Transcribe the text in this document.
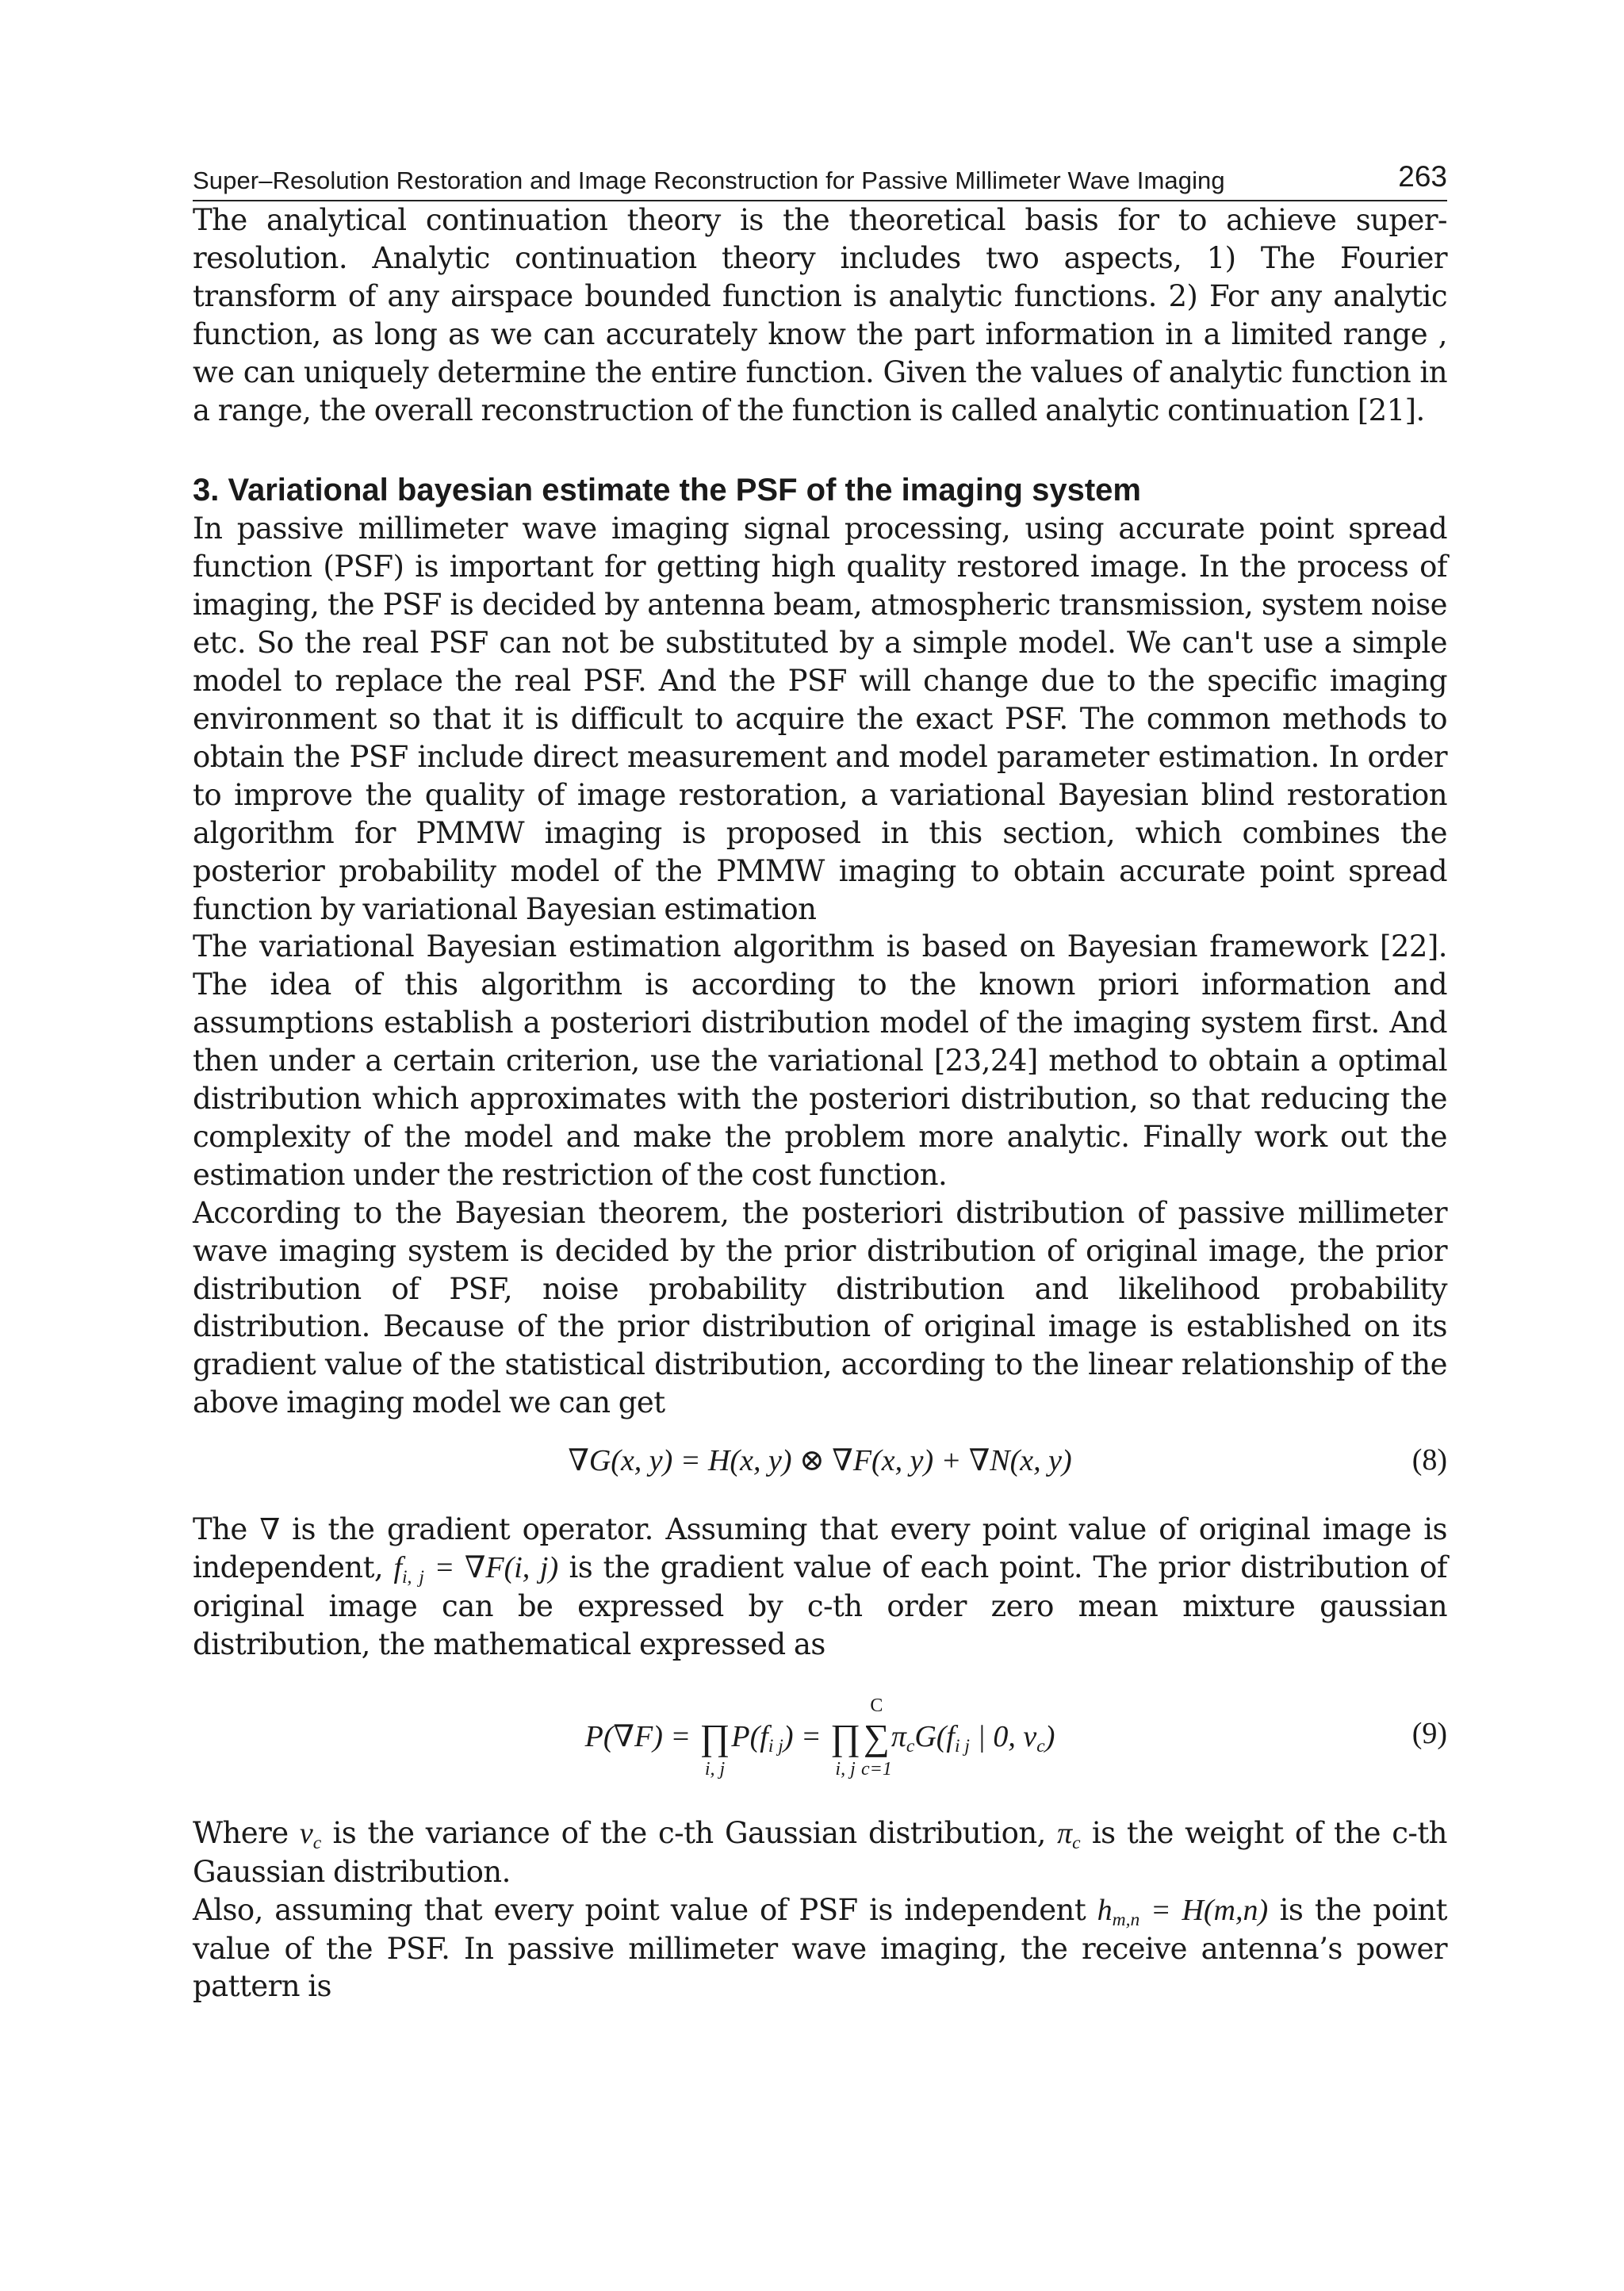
Super–Resolution Restoration and Image Reconstruction for Passive Millimeter Wave Imaging	263

The analytical continuation theory is the theoretical basis for to achieve super-resolution. Analytic continuation theory includes two aspects, 1) The Fourier transform of any airspace bounded function is analytic functions. 2) For any analytic function, as long as we can accurately know the part information in a limited range , we can uniquely determine the entire function. Given the values of analytic function in a range, the overall reconstruction of the function is called analytic continuation [21].

3. Variational bayesian estimate the PSF of the imaging system

In passive millimeter wave imaging signal processing, using accurate point spread function (PSF) is important for getting high quality restored image. In the process of imaging, the PSF is decided by antenna beam, atmospheric transmission, system noise etc. So the real PSF can not be substituted by a simple model. We can't use a simple model to replace the real PSF. And the PSF will change due to the specific imaging environment so that it is difficult to acquire the exact PSF. The common methods to obtain the PSF include direct measurement and model parameter estimation. In order to improve the quality of image restoration, a variational Bayesian blind restoration algorithm for PMMW imaging is proposed in this section, which combines the posterior probability model of the PMMW imaging to obtain accurate point spread function by variational Bayesian estimation

The variational Bayesian estimation algorithm is based on Bayesian framework [22]. The idea of this algorithm is according to the known priori information and assumptions establish a posteriori distribution model of the imaging system first. And then under a certain criterion, use the variational [23,24] method to obtain a optimal distribution which approximates with the posteriori distribution, so that reducing the complexity of the model and make the problem more analytic. Finally work out the estimation under the restriction of the cost function.

According to the Bayesian theorem, the posteriori distribution of passive millimeter wave imaging system is decided by the prior distribution of original image, the prior distribution of PSF, noise probability distribution and likelihood probability distribution. Because of the prior distribution of original image is established on its gradient value of the statistical distribution, according to the linear relationship of the above imaging model we can get

∇G(x, y) = H(x, y) ⊗ ∇F(x, y) + ∇N(x, y)	(8)

The ∇ is the gradient operator. Assuming that every point value of original image is independent, $f_{i, j} = \nabla F(i$, j) is the gradient value of each point. The prior distribution of original image can be expressed by c-th order zero mean mixture gaussian distribution, the mathematical expressed as

P(∇F) = ∏
i, j
$P(f_{i j})$ = ∏
i, j
∑
C
c=1
$\pi_cG(f_{i j}$ | 0, $v_c$)	(9)

Where $v_c$ is the variance of the c-th Gaussian distribution, $\pi_c$ is the weight of the c-th Gaussian distribution.

Also, assuming that every point value of PSF is independent $h_{m,n} = H(m,n)$ is the point value of the PSF. In passive millimeter wave imaging, the receive antenna’s power pattern is
